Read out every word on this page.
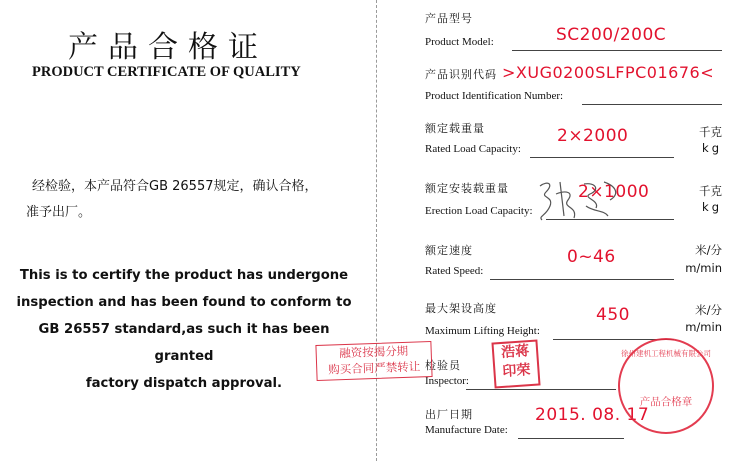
产品合格证
PRODUCT CERTIFICATE OF QUALITY
经检验，本产品符合GB 26557规定，确认合格，
准予出厂。
This is to certify the product has undergone
inspection and has been found to conform to
GB 26557 standard,as such it has been granted
factory dispatch approval.
产品型号
Product Model:	SC200/200C
产品识别代码 >XUG0200SLFPC01676<
Product Identification Number:
额定载重量
Rated Load Capacity:
2×2000	千克
kg
额定安装载重量
Erection Load Capacity:
2×1000	千克
kg
额定速度
Rated Speed:
0~46	米/分
m/min
最大架设高度
Maximum Lifting Height:
450	米/分
m/min
检验员
Inspector:
出厂日期
Manufacture Date:
2015. 08. 17
融资按揭分期
购买合同严禁转让
浩蒋
印荣
徐州建机工程机械有限公司
产品合格章
